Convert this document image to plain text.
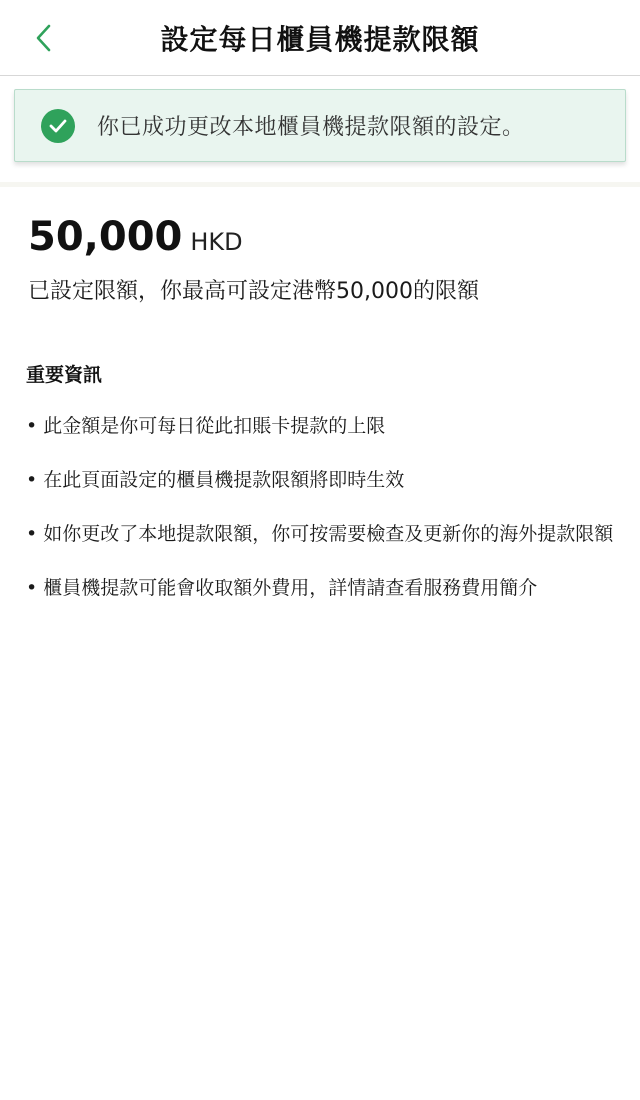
設定每日櫃員機提款限額
你已成功更改本地櫃員機提款限額的設定。
50,000 HKD
已設定限額，你最高可設定港幣50,000的限額
重要資訊
• 此金額是你可每日從此扣賬卡提款的上限
• 在此頁面設定的櫃員機提款限額將即時生效
• 如你更改了本地提款限額，你可按需要檢查及更新你的海外提款限額
• 櫃員機提款可能會收取額外費用，詳情請查看服務費用簡介
